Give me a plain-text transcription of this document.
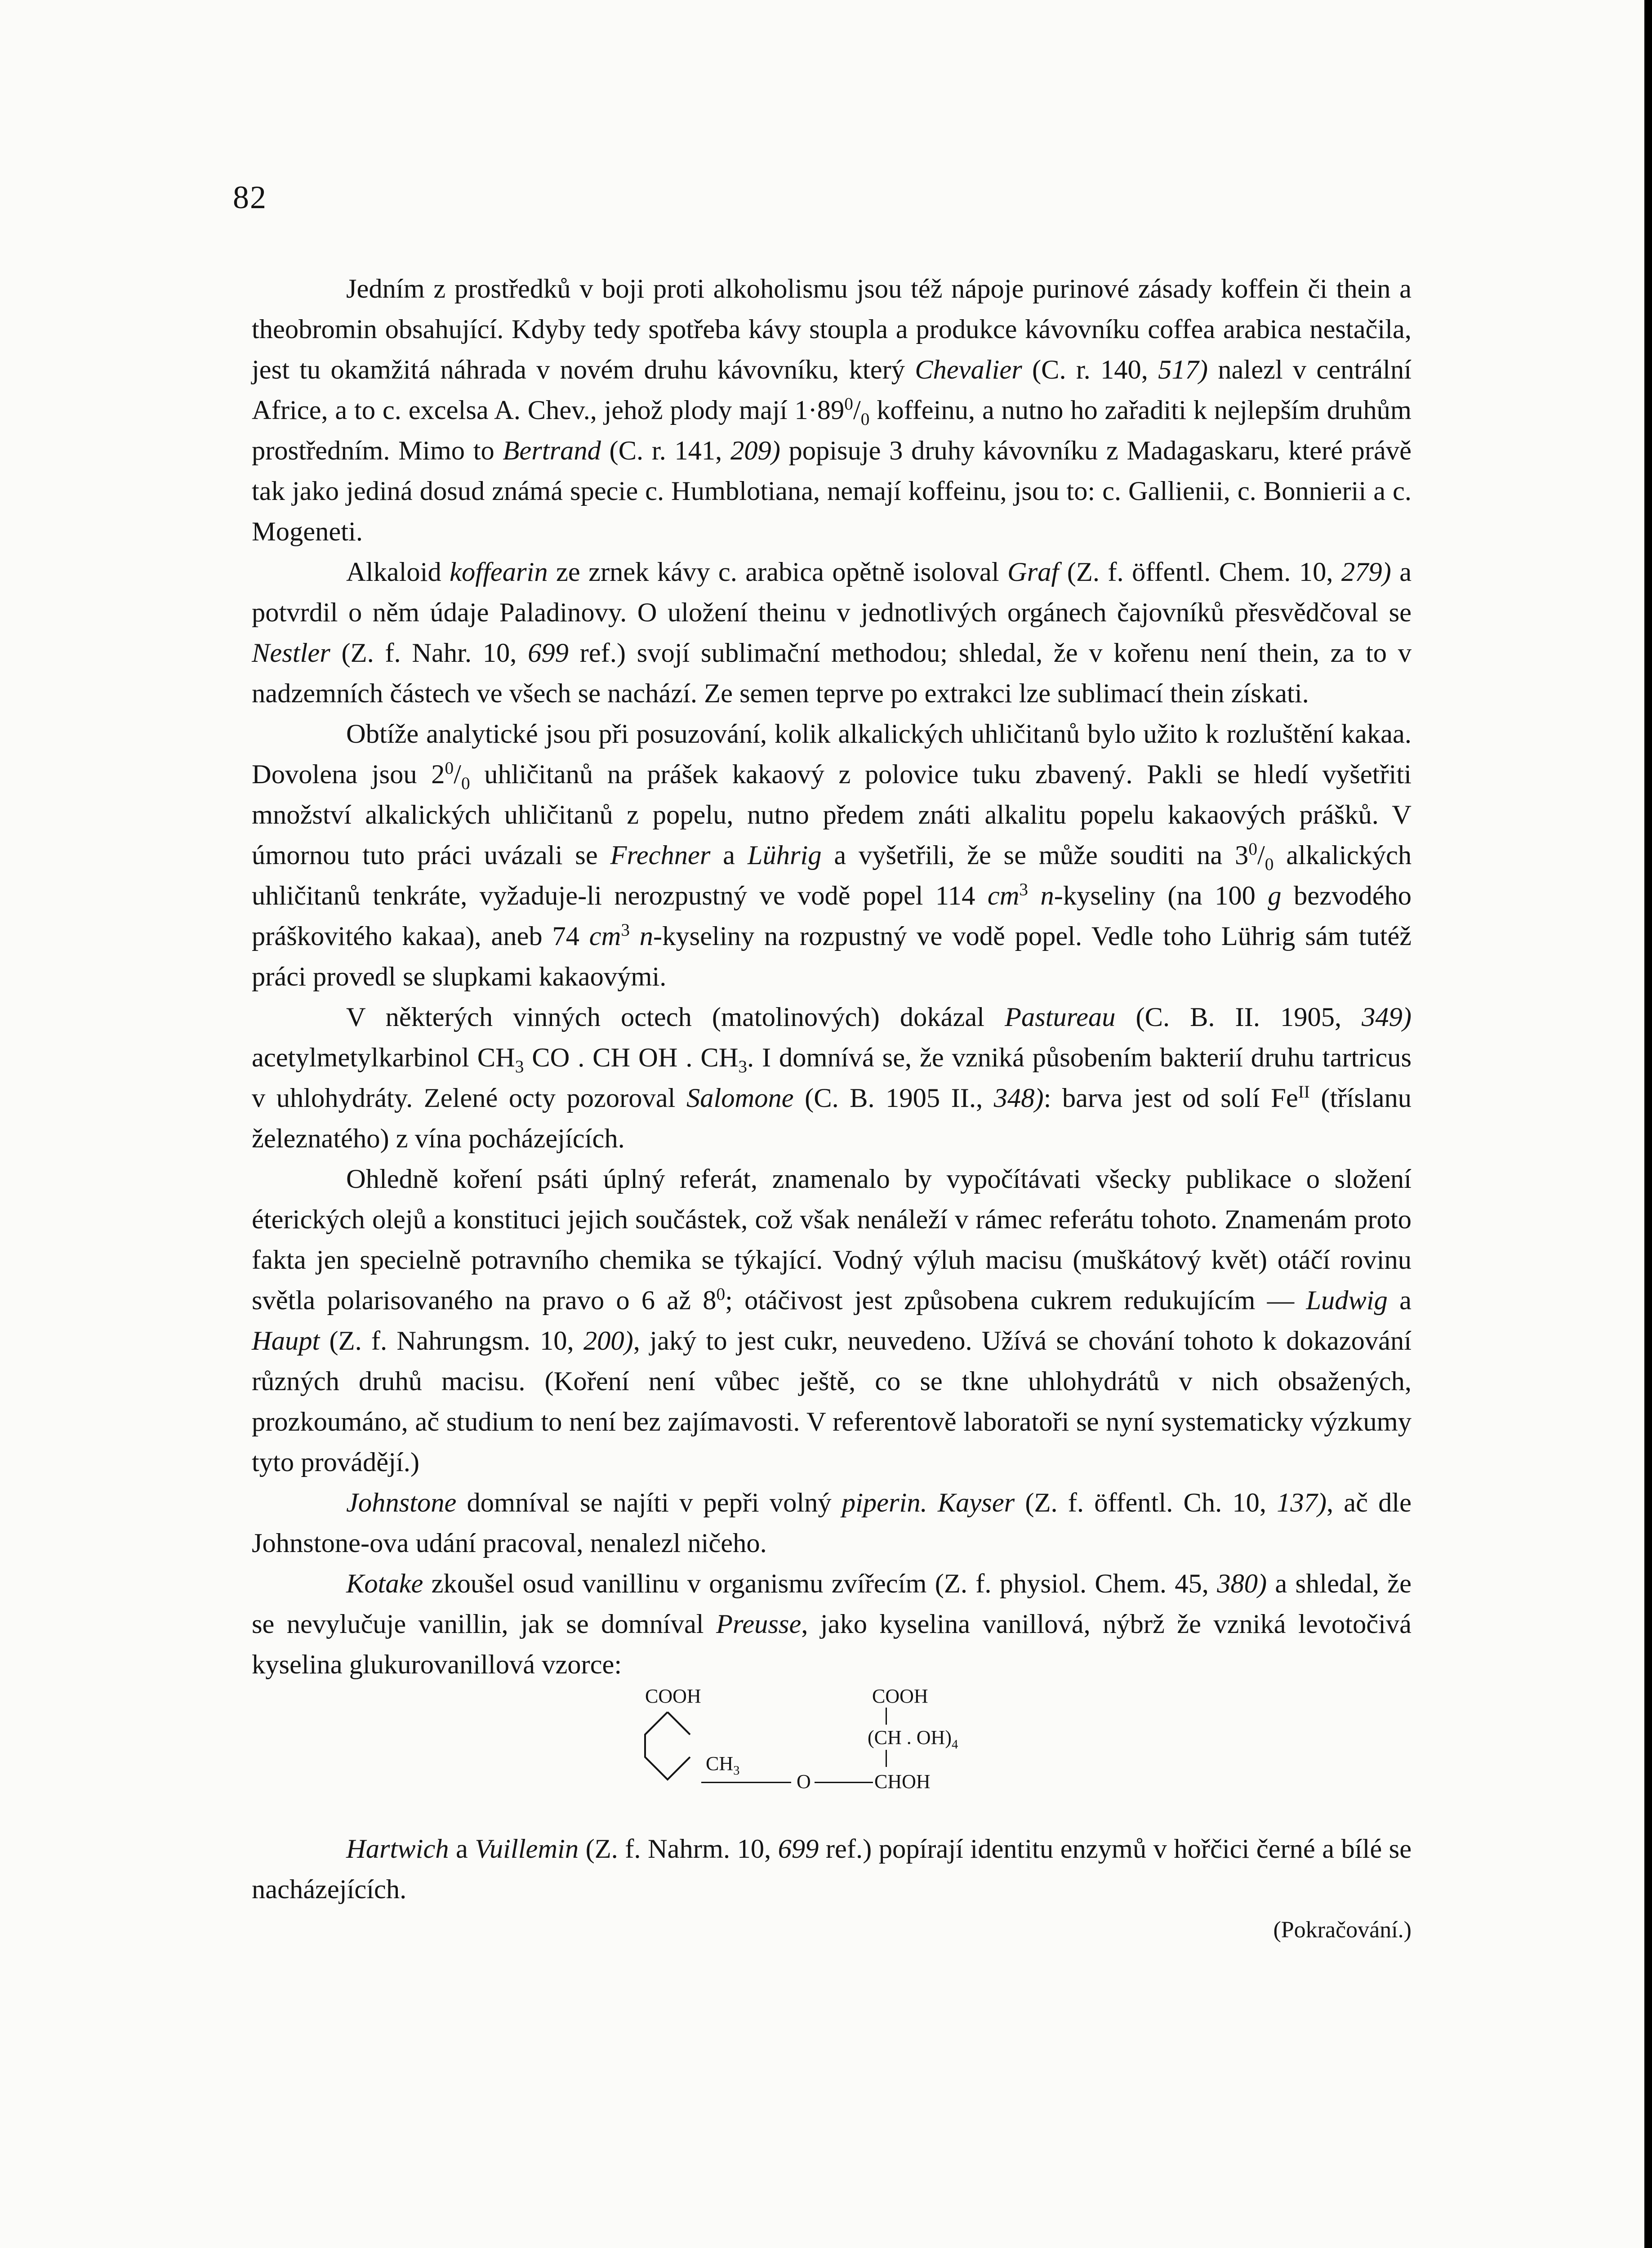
82

Jedním z prostředků v boji proti alkoholismu jsou též nápoje purinové zásady koffein či thein a theobromin obsahující. Kdyby tedy spotřeba kávy stoupla a produkce kávovníku coffea arabica nestačila, jest tu okamžitá náhrada v novém druhu kávovníku, který Chevalier (C. r. 140, 517) nalezl v centrální Africe, a to c. excelsa A. Chev., jehož plody mají $1\cdot 89^0/_0$ koffeinu, a nutno ho zařaditi k nejlepším druhům prostředním. Mimo to Bertrand (C. r. 141, 209) popisuje 3 druhy kávovníku z Madagaskaru, které právě tak jako jediná dosud známá specie c. Humblotiana, nemají koffeinu, jsou to: c. Gallienii, c. Bonnierii a c. Mogeneti.

Alkaloid koffearin ze zrnek kávy c. arabica opětně isoloval Graf (Z. f. öffentl. Chem. 10, 279) a potvrdil o něm údaje Paladinovy. O uložení theinu v jednotlivých orgánech čajovníků přesvědčoval se Nestler (Z. f. Nahr. 10, 699 ref.) svojí sublimační methodou; shledal, že v kořenu není thein, za to v nadzemních částech ve všech se nachází. Ze semen teprve po extrakci lze sublimací thein získati.

Obtíže analytické jsou při posuzování, kolik alkalických uhličitanů bylo užito k rozluštění kakaa. Dovolena jsou $2^0/_0$ uhličitanů na prášek kakaový z polovice tuku zbavený. Pakli se hledí vyšetřiti množství alkalických uhličitanů z popelu, nutno předem znáti alkalitu popelu kakaových prášků. V úmornou tuto práci uvázali se Frechner a Lührig a vyšetřili, že se může souditi na $3^0/_0$ alkalických uhličitanů tenkráte, vyžaduje-li nerozpustný ve vodě popel 114 $cm^3$ n-kyseliny (na 100 g bezvodého práškovitého kakaa), aneb 74 $cm^3$ n-kyseliny na rozpustný ve vodě popel. Vedle toho Lührig sám tutéž práci provedl se slupkami kakaovými.

V některých vinných octech (matolinových) dokázal Pastureau (C. B. II. 1905, 349) acetylmetylkarbinol $CH_3$ CO . CH OH . $CH_3$. I domnívá se, že vzniká působením bakterií druhu tartricus v uhlohydráty. Zelené octy pozoroval Salomone (C. B. 1905 II., 348): barva jest od solí $Fe^{II}$ (tříslanu železnatého) z vína pocházejících.

Ohledně koření psáti úplný referát, znamenalo by vypočítávati všecky publikace o složení éterických olejů a konstituci jejich součástek, což však nenáleží v rámec referátu tohoto. Znamenám proto fakta jen specielně potravního chemika se týkající. Vodný výluh macisu (muškátový květ) otáčí rovinu světla polarisovaného na pravo o 6 až $8^0$; otáčivost jest způsobena cukrem redukujícím — Ludwig a Haupt (Z. f. Nahrungsm. 10, 200), jaký to jest cukr, neuvedeno. Užívá se chování tohoto k dokazování různých druhů macisu. (Koření není vůbec ještě, co se tkne uhlohydrátů v nich obsažených, prozkoumáno, ač studium to není bez zajímavosti. V referentově laboratoři se nyní systematicky výzkumy tyto provádějí.)

Johnstone domníval se najíti v pepři volný piperin. Kayser (Z. f. öffentl. Ch. 10, 137), ač dle Johnstone-ova udání pracoval, nenalezl ničeho.

Kotake zkoušel osud vanillinu v organismu zvířecím (Z. f. physiol. Chem. 45, 380) a shledal, že se nevylučuje vanillin, jak se domníval Preusse, jako kyselina vanillová, nýbrž že vzniká levotočivá kyselina glukurovanillová vzorce:

COOH
$CH_3$
COOH
(CH . $OH)_4$
O	CHOH

Hartwich a Vuillemin (Z. f. Nahrm. 10, 699 ref.) popírají identitu enzymů v hořčici černé a bílé se nacházejících.

(Pokračování.)
